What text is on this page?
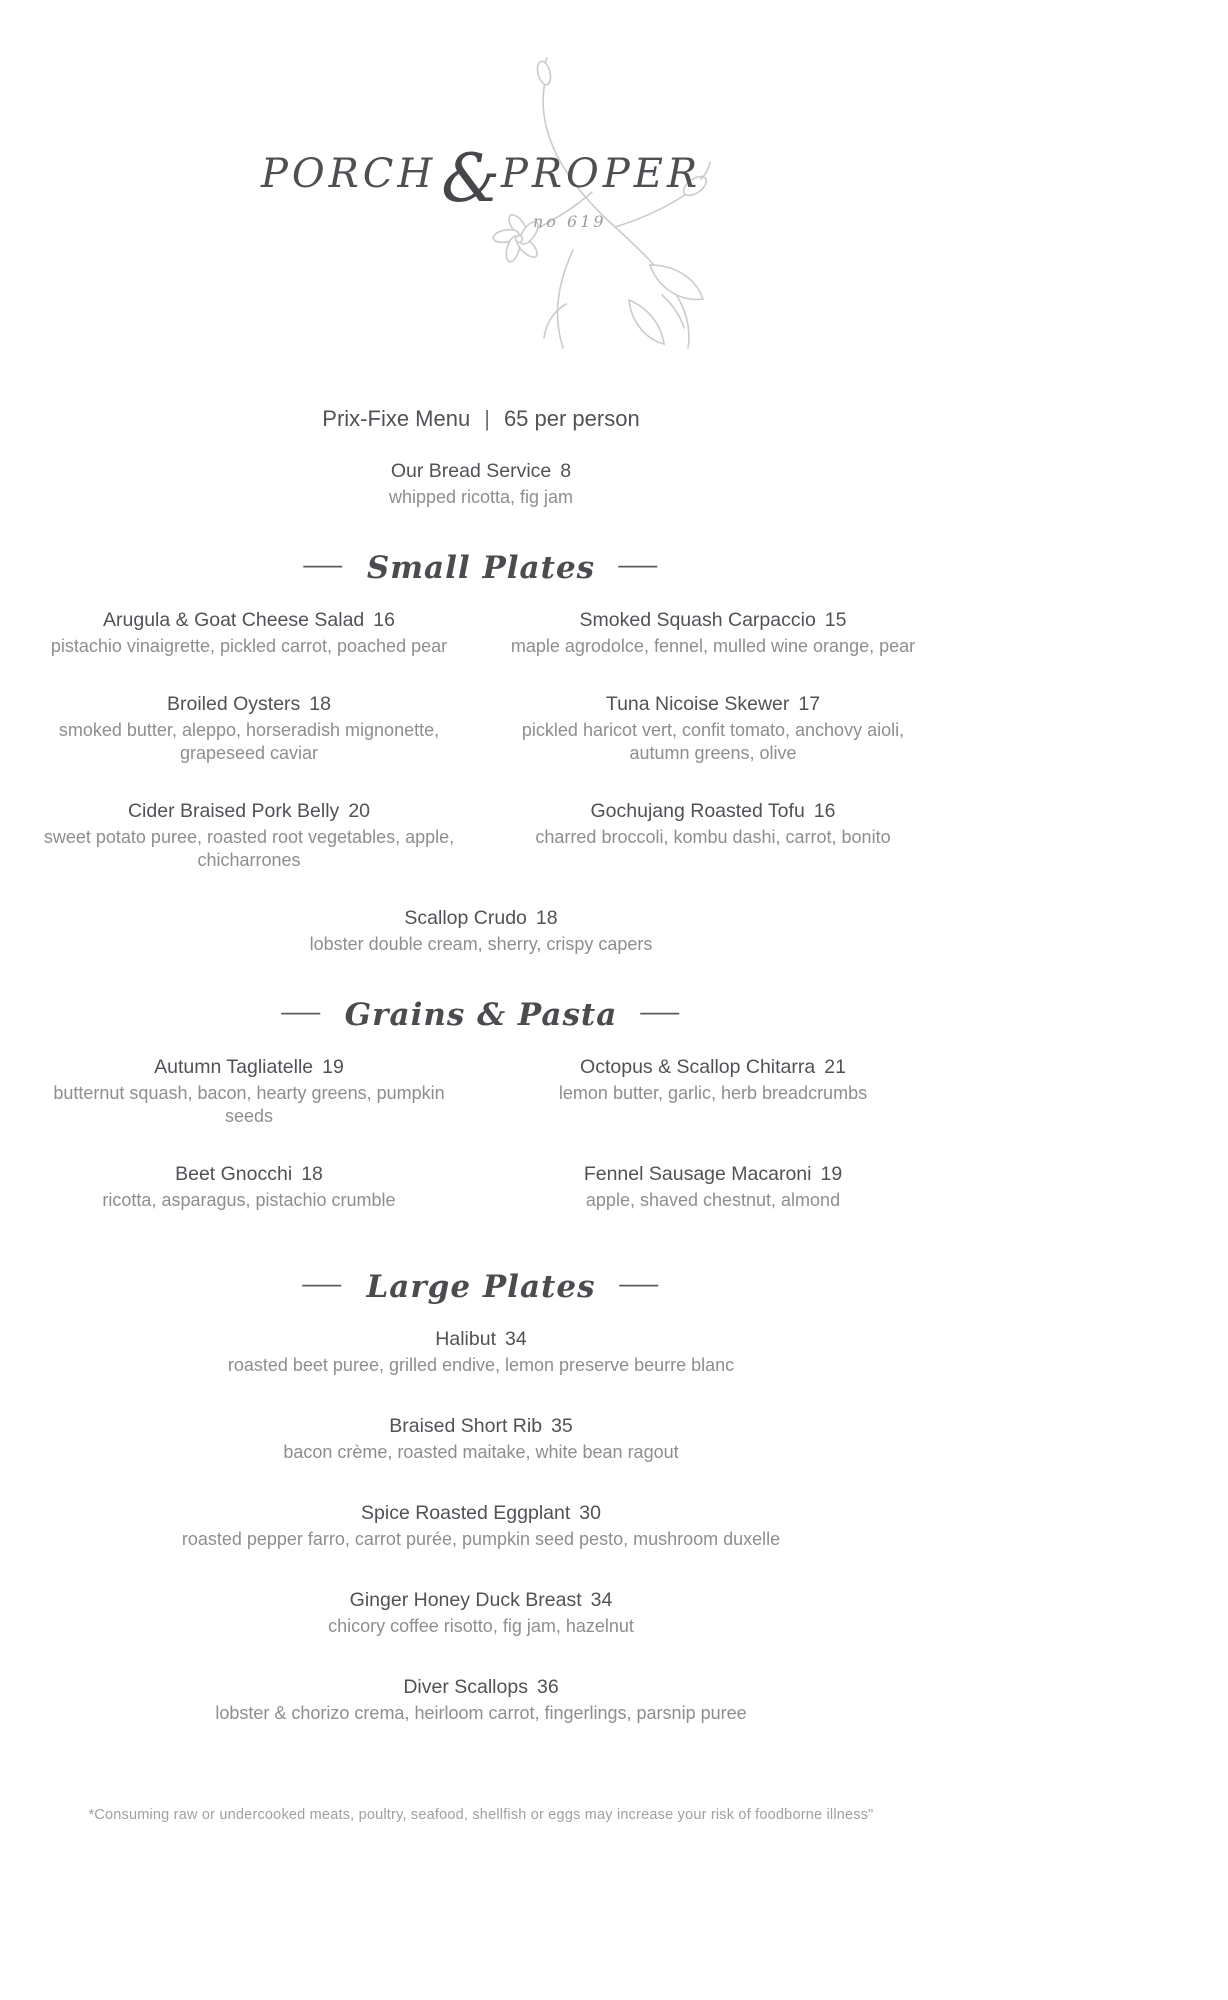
PORCH&PROPER
no 619
Prix-Fixe Menu | 65 per person
Our Bread Service 8
whipped ricotta, fig jam
— Small Plates —
Arugula & Goat Cheese Salad 16
pistachio vinaigrette, pickled carrot, poached pear
Smoked Squash Carpaccio 15
maple agrodolce, fennel, mulled wine orange, pear
Broiled Oysters 18
smoked butter, aleppo, horseradish mignonette, grapeseed caviar
Tuna Nicoise Skewer 17
pickled haricot vert, confit tomato, anchovy aioli, autumn greens, olive
Cider Braised Pork Belly 20
sweet potato puree, roasted root vegetables, apple, chicharrones
Gochujang Roasted Tofu 16
charred broccoli, kombu dashi, carrot, bonito
Scallop Crudo 18
lobster double cream, sherry, crispy capers
— Grains & Pasta —
Autumn Tagliatelle 19
butternut squash, bacon, hearty greens, pumpkin seeds
Octopus & Scallop Chitarra 21
lemon butter, garlic, herb breadcrumbs
Beet Gnocchi 18
ricotta, asparagus, pistachio crumble
Fennel Sausage Macaroni 19
apple, shaved chestnut, almond
— Large Plates —
Halibut 34
roasted beet puree, grilled endive, lemon preserve beurre blanc
Braised Short Rib 35
bacon crème, roasted maitake, white bean ragout
Spice Roasted Eggplant 30
roasted pepper farro, carrot purée, pumpkin seed pesto, mushroom duxelle
Ginger Honey Duck Breast 34
chicory coffee risotto, fig jam, hazelnut
Diver Scallops 36
lobster & chorizo crema, heirloom carrot, fingerlings, parsnip puree
*Consuming raw or undercooked meats, poultry, seafood, shellfish or eggs may increase your risk of foodborne illness"
